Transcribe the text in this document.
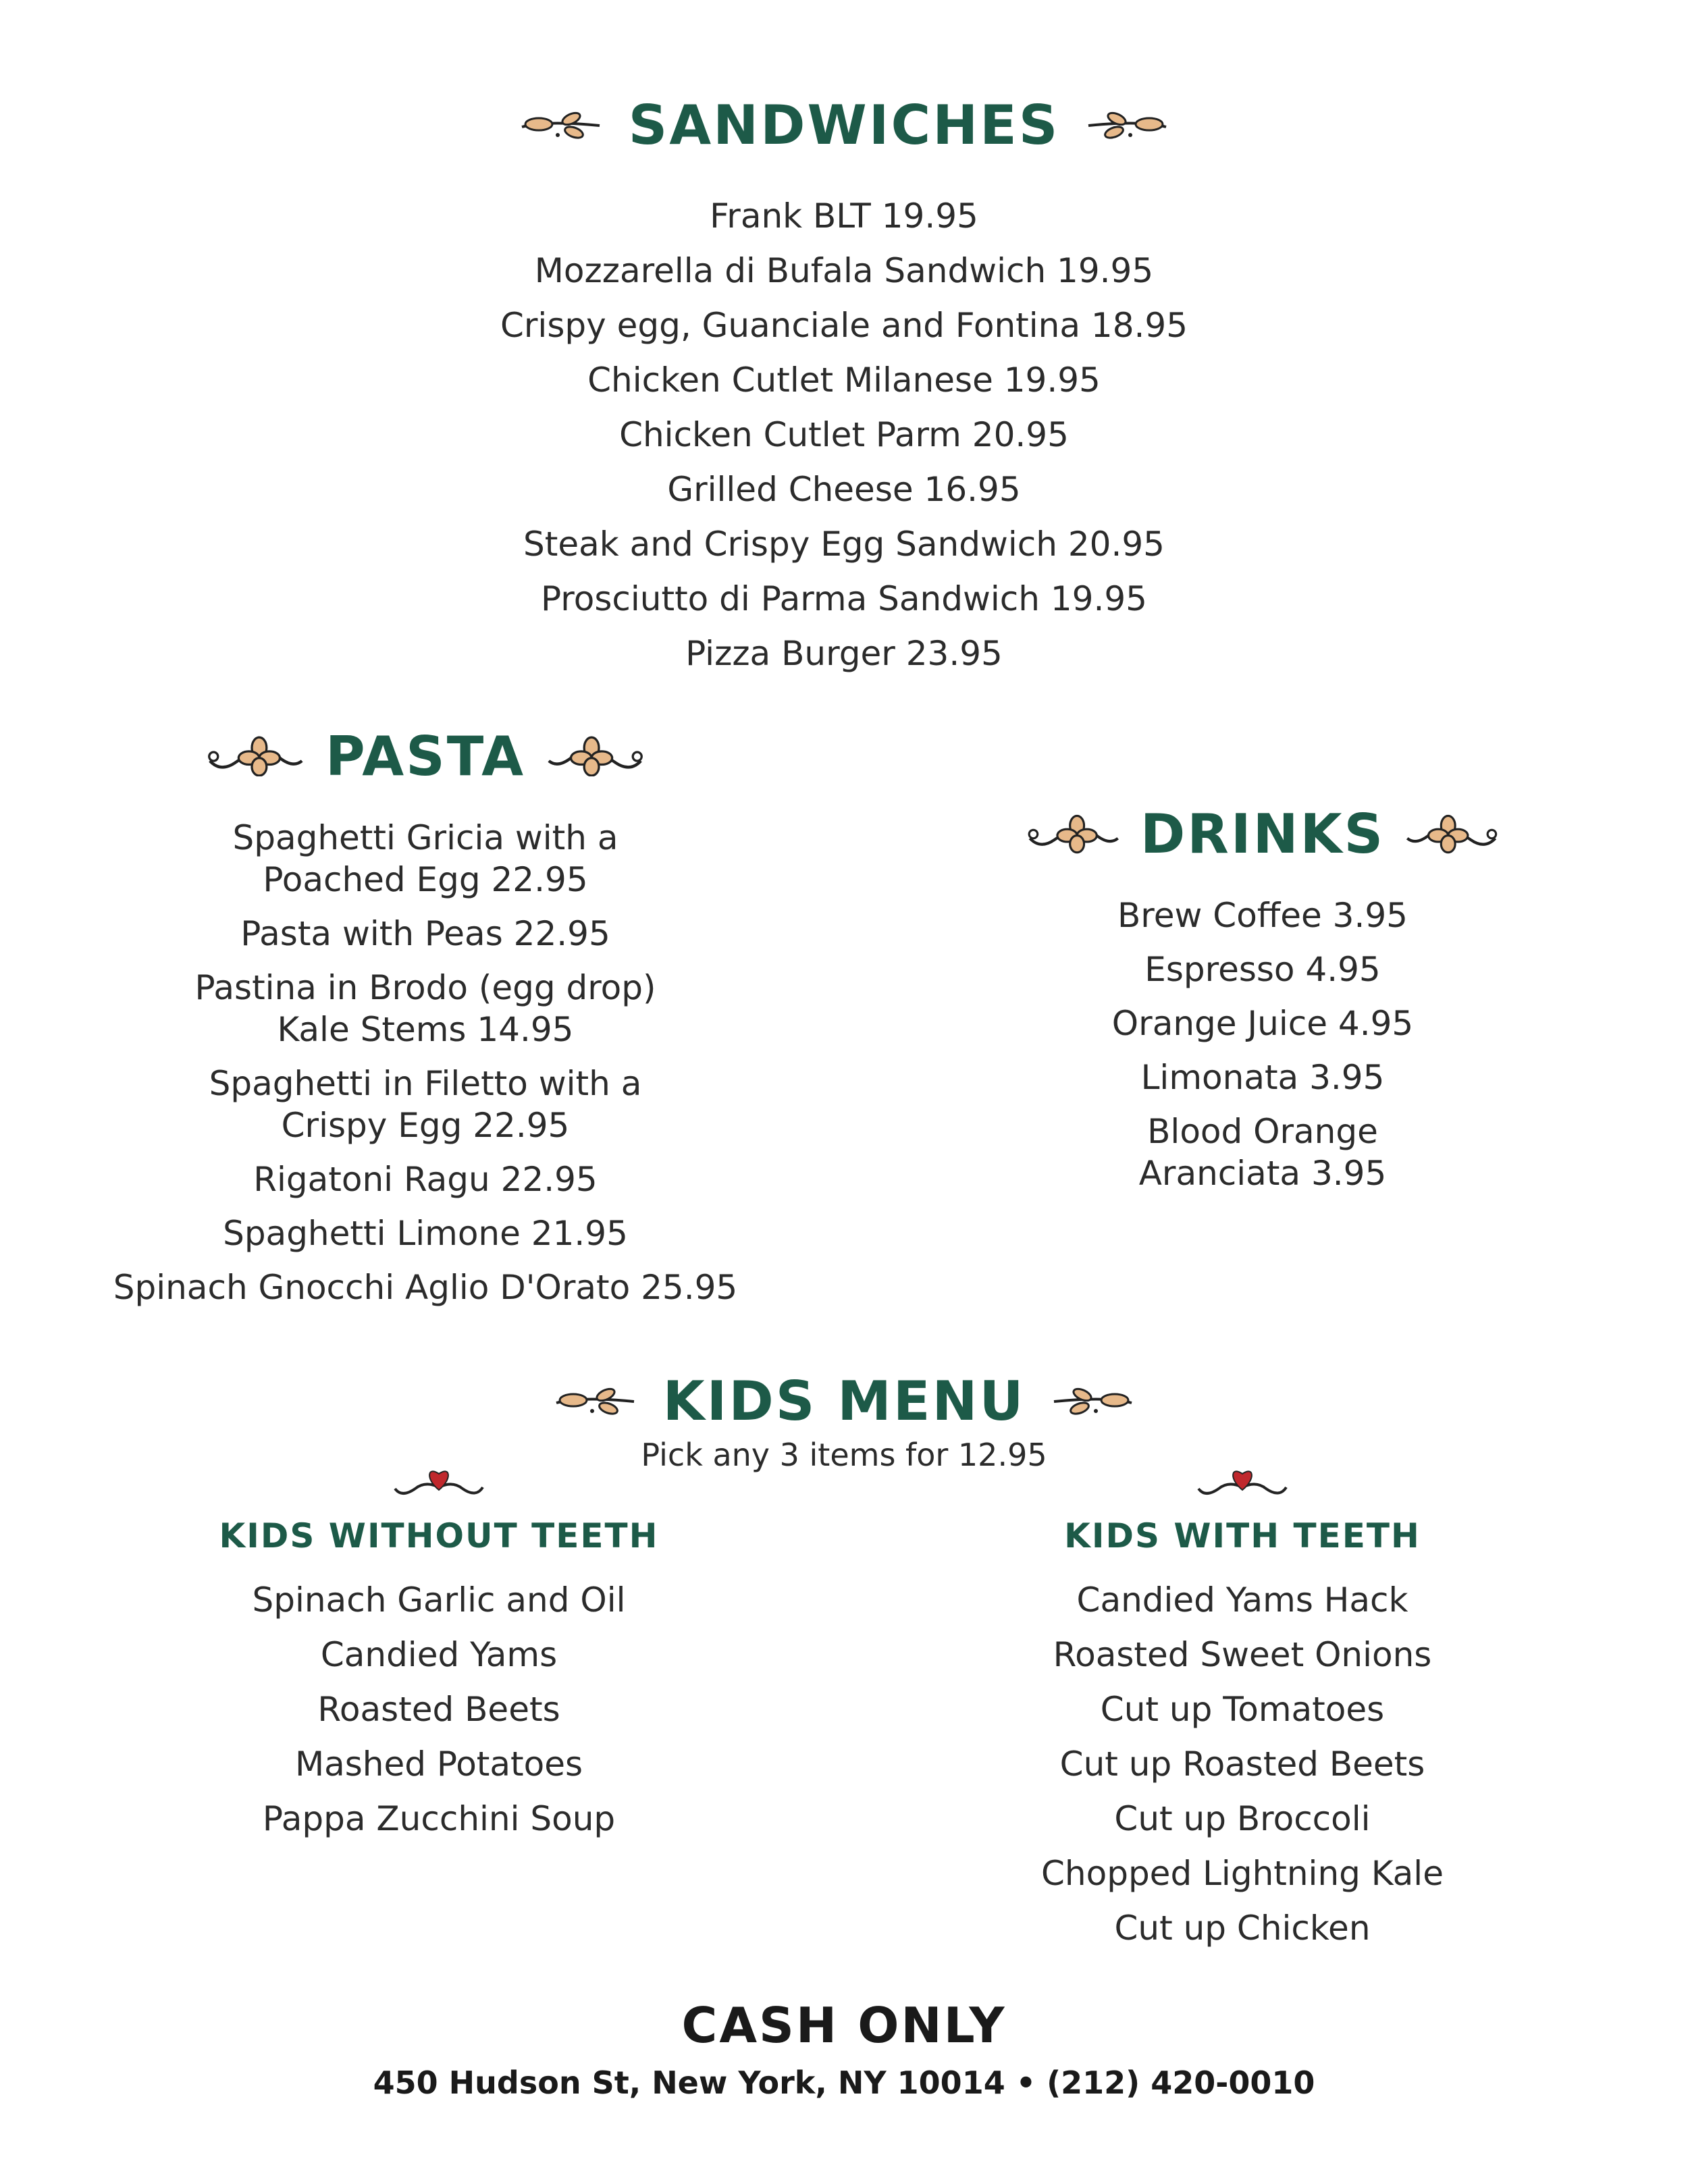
SANDWICHES
Frank BLT 19.95
Mozzarella di Bufala Sandwich 19.95
Crispy egg, Guanciale and Fontina 18.95
Chicken Cutlet Milanese 19.95
Chicken Cutlet Parm 20.95
Grilled Cheese 16.95
Steak and Crispy Egg Sandwich 20.95
Prosciutto di Parma Sandwich 19.95
Pizza Burger 23.95
PASTA
Spaghetti Gricia with a
Poached Egg 22.95
Pasta with Peas 22.95
Pastina in Brodo (egg drop)
Kale Stems 14.95
Spaghetti in Filetto with a
Crispy Egg 22.95
Rigatoni Ragu 22.95
Spaghetti Limone 21.95
Spinach Gnocchi Aglio D'Orato 25.95
DRINKS
Brew Coffee 3.95
Espresso 4.95
Orange Juice 4.95
Limonata 3.95
Blood Orange
Aranciata 3.95
KIDS MENU
Pick any 3 items for 12.95
KIDS WITHOUT TEETH
Spinach Garlic and Oil
Candied Yams
Roasted Beets
Mashed Potatoes
Pappa Zucchini Soup
KIDS WITH TEETH
Candied Yams Hack
Roasted Sweet Onions
Cut up Tomatoes
Cut up Roasted Beets
Cut up Broccoli
Chopped Lightning Kale
Cut up Chicken
CASH ONLY
450 Hudson St, New York, NY 10014 • (212) 420-0010
